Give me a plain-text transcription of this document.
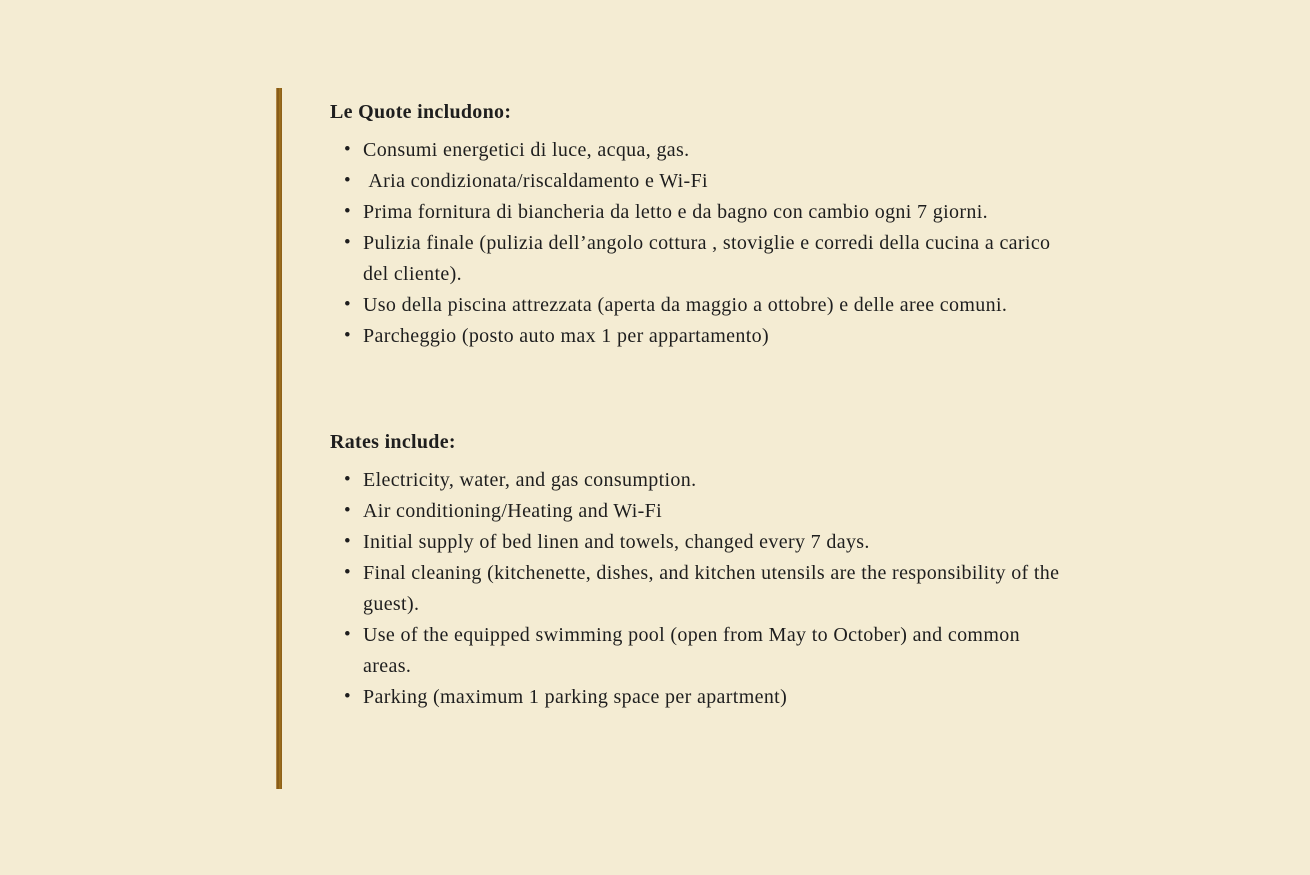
Le Quote includono:
• Consumi energetici di luce, acqua, gas.
•  Aria condizionata/riscaldamento e Wi-Fi
• Prima fornitura di biancheria da letto e da bagno con cambio ogni 7 giorni.
• Pulizia finale (pulizia dell’angolo cottura , stoviglie e corredi della cucina a carico del cliente).
• Uso della piscina attrezzata (aperta da maggio a ottobre) e delle aree comuni.
• Parcheggio (posto auto max 1 per appartamento)
Rates include:
• Electricity, water, and gas consumption.
• Air conditioning/Heating and Wi-Fi
• Initial supply of bed linen and towels, changed every 7 days.
• Final cleaning (kitchenette, dishes, and kitchen utensils are the responsibility of the guest).
• Use of the equipped swimming pool (open from May to October) and common areas.
• Parking (maximum 1 parking space per apartment)
